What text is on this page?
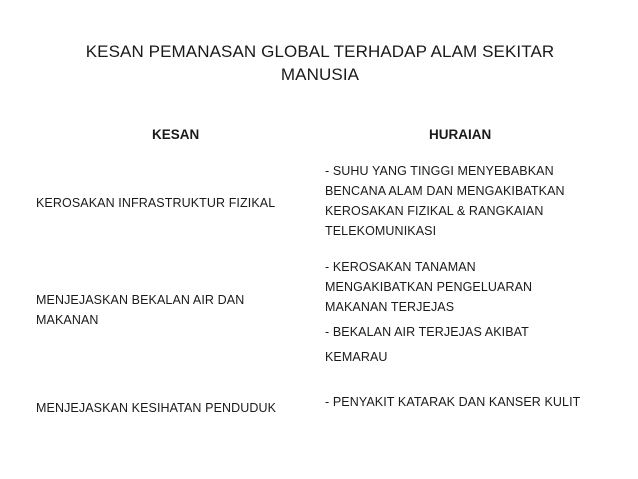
KESAN PEMANASAN GLOBAL TERHADAP ALAM SEKITAR
MANUSIA
KESAN	HURAIAN

KEROSAKAN INFRASTRUKTUR FIZIKAL

- SUHU YANG TINGGI MENYEBABKAN

BENCANA ALAM DAN MENGAKIBATKAN

KEROSAKAN FIZIKAL & RANGKAIAN

TELEKOMUNIKASI

MENJEJASKAN BEKALAN AIR DAN

MAKANAN

- KEROSAKAN TANAMAN

MENGAKIBATKAN PENGELUARAN

MAKANAN TERJEJAS

- BEKALAN AIR TERJEJAS AKIBAT

KEMARAU

MENJEJASKAN KESIHATAN PENDUDUK	- PENYAKIT KATARAK DAN KANSER KULIT
